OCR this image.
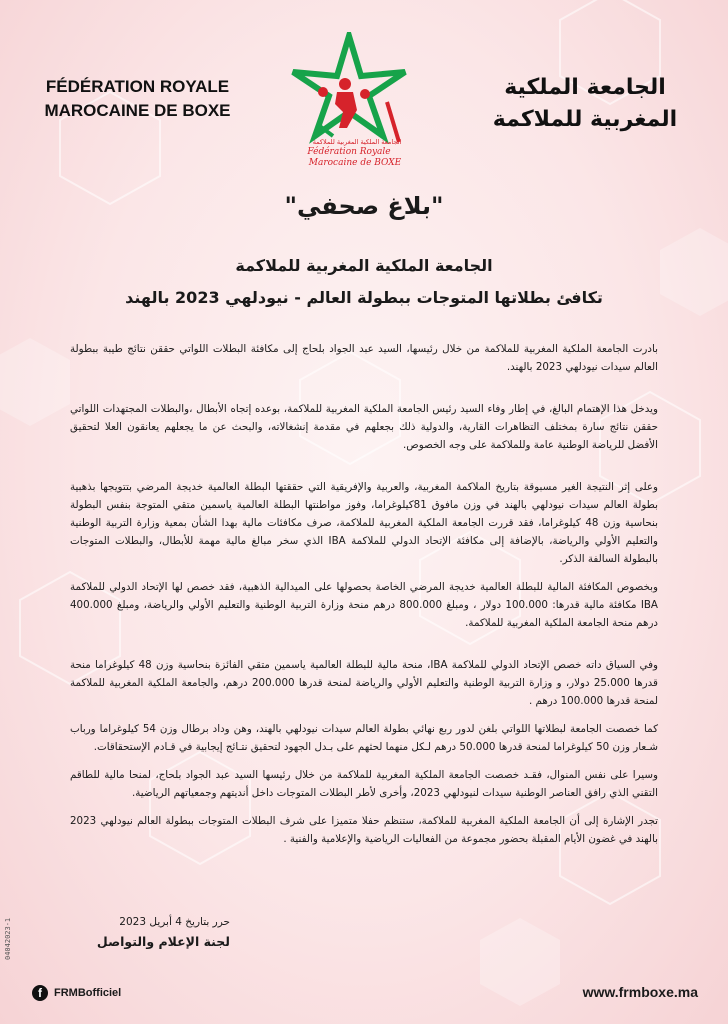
FÉDÉRATION ROYALE
MAROCAINE DE BOXE
الجامعة الملكية المغربية للملاكمة
Fédération Royale
Marocaine de BOXE
الجامعة الملكية
المغربية للملاكمة
"بلاغ صحفي"
الجامعة الملكية المغربية للملاكمة
تكافئ بطلاتها المتوجات ببطولة العالم - نيودلهي 2023 بالهند

بادرت الجامعة الملكية المغربية للملاكمة من خلال رئيسها، السيد عبد الجواد بلحاج إلى مكافئة البطلات اللواتي حققن نتائج طيبة ببطولة العالم سيدات نيودلهي 2023 بالهند.

ويدخل هذا الإهتمام البالغ، في إطار وفاء السيد رئيس الجامعة الملكية المغربية للملاكمة، بوعده إتجاه الأبطال ،والبطلات المجتهدات اللواتي حققن نتائج سارة بمختلف التظاهرات القارية، والدولية ذلك بجعلهم في مقدمة إنشغالاته، والبحث عن ما يجعلهم يعانقون العلا لتحقيق الأفضل للرياضة الوطنية عامة وللملاكمة على وجه الخصوص.

وعلى إثر النتيجة الغير مسبوقة بتاريخ الملاكمة المغربية، والعربية والإفريقية التي حققتها البطلة العالمية خديجة المرضي بتتويجها بذهبية بطولة العالم سيدات نيودلهي بالهند في وزن مافوق 81كيلوغراما، وفوز مواطنتها البطلة العالمية ياسمين متقي المتوجة بنفس البطولة بنحاسية وزن 48 كيلوغراما، فقد قررت الجامعة الملكية المغربية للملاكمة، صرف مكافئات مالية بهدا الشأن بمعية وزارة التربية الوطنية والتعليم الأولي والرياضة، بالإضافة إلى مكافئة الإتحاد الدولي للملاكمة IBA الذي سخر مبالغ مالية مهمة للأبطال، والبطلات المتوجات بالبطولة السالفة الذكر.

وبخصوص المكافئة المالية للبطلة العالمية خديجة المرضي الخاصة بحصولها على الميدالية الذهبية، فقد خصص لها الإتحاد الدولي للملاكمة IBA مكافئة مالية قدرها: 100.000 دولار ، ومبلغ 800.000 درهم منحة وزارة التربية الوطنية والتعليم الأولي والرياضة، ومبلغ 400.000 درهم منحة الجامعة الملكية المغربية للملاكمة.

وفي السياق داته خصص الإتحاد الدولي للملاكمة IBA، منحة مالية للبطلة العالمية ياسمين متقي الفائزة بنحاسية وزن 48 كيلوغراما منحة قدرها 25.000 دولار، و وزارة التربية الوطنية والتعليم الأولي والرياضة لمنحة قدرها 200.000 درهم، والجامعة الملكية المغربية للملاكمة لمنحة قدرها 100.000 درهم .

كما خصصت الجامعة لبطلاتها اللواتي بلغن لدور ربع نهائي بطولة العالم سيدات نيودلهي بالهند، وهن وداد برطال وزن 54 كيلوغراما ورباب شـعار وزن 50 كيلوغراما لمنحة قدرها 50.000 درهم لـكل منهما لحثهم على بـدل الجهود لتحقيق نتـائج إيجابية في قـادم الإستحقاقات.

وسيرا على نفس المنوال، فقـد خصصت الجامعة الملكية المغربية للملاكمة من خلال رئيسها السيد عبد الجواد بلحاج، لمنحا مالية للطاقم التقني الذي رافق العناصر الوطنية سيدات لنيودلهي 2023، وأخرى لأطر البطلات المتوجات داخل أنديتهم وجمعياتهم الرياضية.

تجدر الإشارة إلى أن الجامعة الملكية المغربية للملاكمة، ستنظم حفلا متميزا على شرف البطلات المتوجات ببطولة العالم نيودلهي 2023 بالهند في غضون الأيام المقبلة بحضور مجموعة من الفعاليات الرياضية والإعلامية والفنية .

حرر بتاريخ 4 أبريل 2023
لجنة الإعلام والتواصل
04042023-1
f	FRMBofficiel	www.frmboxe.ma
